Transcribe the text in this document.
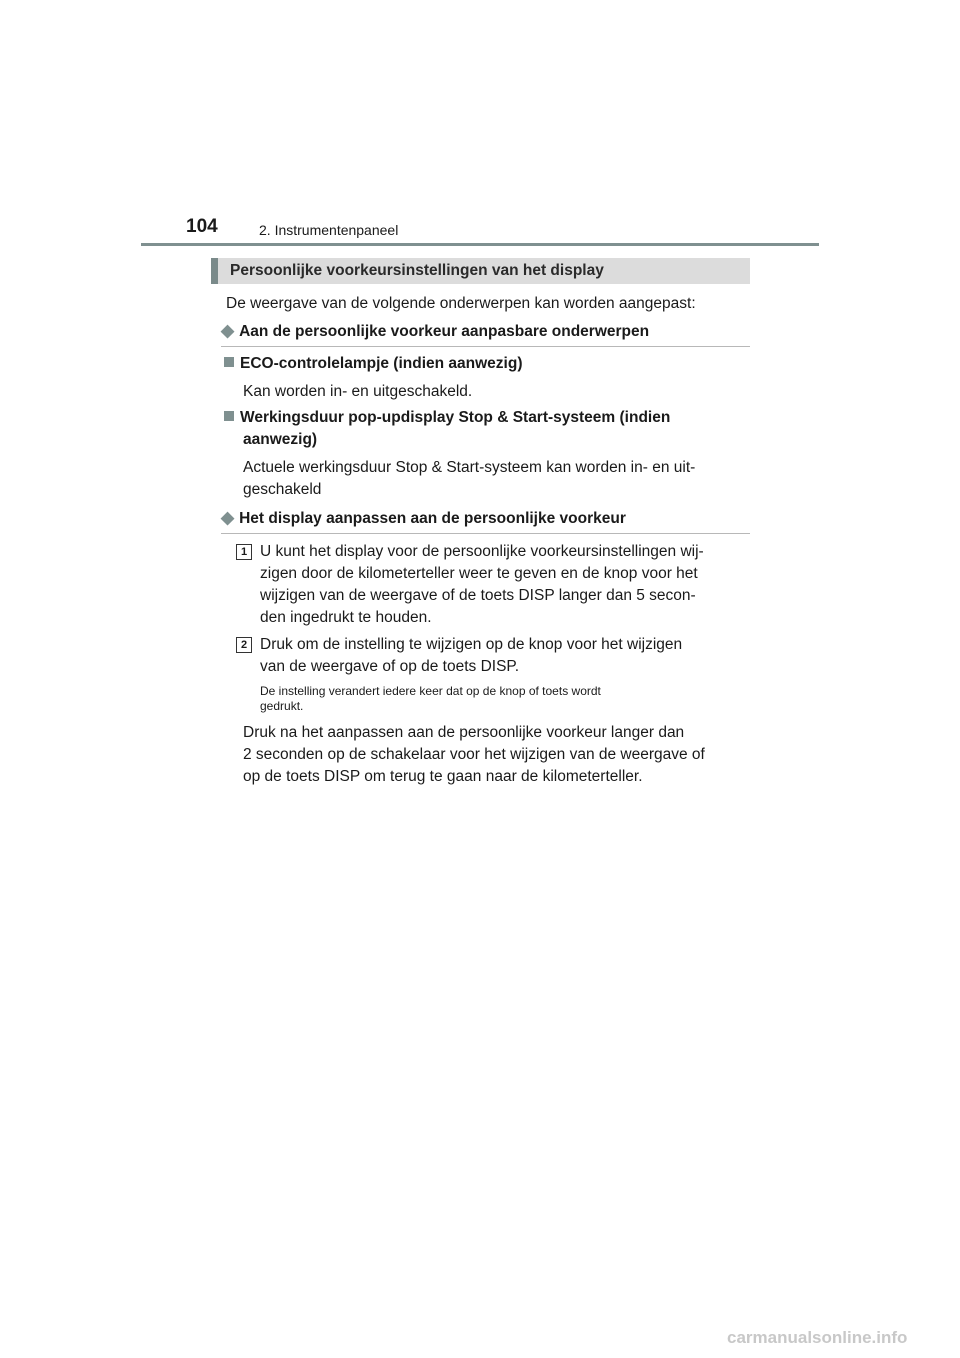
104	2. Instrumentenpaneel
Persoonlijke voorkeursinstellingen van het display
De weergave van de volgende onderwerpen kan worden aangepast:
◆ Aan de persoonlijke voorkeur aanpasbare onderwerpen
ECO-controlelampje (indien aanwezig)
Kan worden in- en uitgeschakeld.
Werkingsduur pop-updisplay Stop & Start-systeem (indien
aanwezig)
Actuele werkingsduur Stop & Start-systeem kan worden in- en uit-
geschakeld
◆ Het display aanpassen aan de persoonlijke voorkeur
1 U kunt het display voor de persoonlijke voorkeursinstellingen wij-
zigen door de kilometerteller weer te geven en de knop voor het
wijzigen van de weergave of de toets DISP langer dan 5 secon-
den ingedrukt te houden.
2 Druk om de instelling te wijzigen op de knop voor het wijzigen
van de weergave of op de toets DISP.
De instelling verandert iedere keer dat op de knop of toets wordt
gedrukt.
Druk na het aanpassen aan de persoonlijke voorkeur langer dan
2 seconden op de schakelaar voor het wijzigen van de weergave of
op de toets DISP om terug te gaan naar de kilometerteller.
carmanualsonline.info
